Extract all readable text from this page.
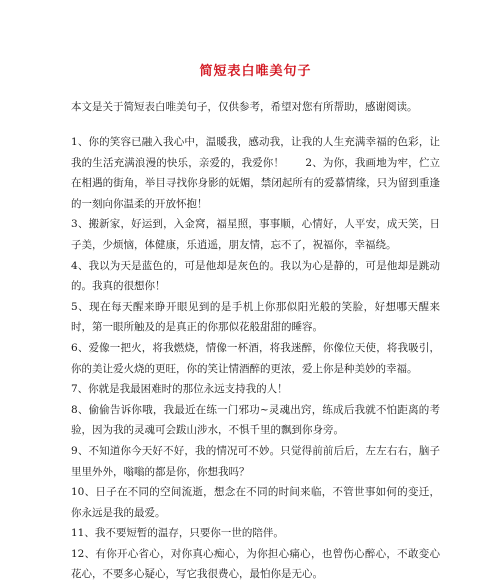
简短表白唯美句子

本文是关于简短表白唯美句子，仅供参考，希望对您有所帮助，感谢阅读。

1、你的笑容已融入我心中，温暖我，感动我，让我的人生充满幸福的色彩，让我的生活充满浪漫的快乐，亲爱的，我爱你！　　2、为你，我画地为牢，伫立在相遇的街角，举目寻找你身影的妩媚，禁闭起所有的爱慕情缘，只为留到重逢的一刻向你温柔的开放怀抱！

3、搬新家，好运到，入金窝，福星照，事事顺，心情好，人平安，成天笑，日子美，少烦恼，体健康，乐逍遥，朋友情，忘不了，祝福你，幸福绕。

4、我以为天是蓝色的，可是他却是灰色的。我以为心是静的，可是他却是跳动的。我真的很想你！

5、现在每天醒来睁开眼见到的是手机上你那似阳光般的笑脸，好想哪天醒来时，第一眼所触及的是真正的你那似花般甜甜的睡容。

6、爱像一把火，将我燃烧，情像一杯酒，将我迷醉，你像位天使，将我吸引，你的美让爱火烧的更旺，你的笑让情酒醉的更浓，爱上你是种美妙的幸福。

7、你就是我最困难时的那位永远支持我的人！

8、偷偷告诉你哦，我最近在练一门邪功~灵魂出窍，练成后我就不怕距离的考验，因为我的灵魂可会跋山涉水，不惧千里的飘到你身旁。

9、不知道你今天好不好，我的情况可不妙。只觉得前前后后，左左右右，脑子里里外外，嗡嗡的都是你，你想我吗？

10、日子在不同的空间流逝，想念在不同的时间来临，不管世事如何的变迁，你永远是我的最爱。

11、我不要短暂的温存，只要你一世的陪伴。

12、有你开心省心，对你真心痴心，为你担心痛心，也曾伤心醉心，不敢变心花心，不要多心疑心，写它我很费心，最怕你是无心。
